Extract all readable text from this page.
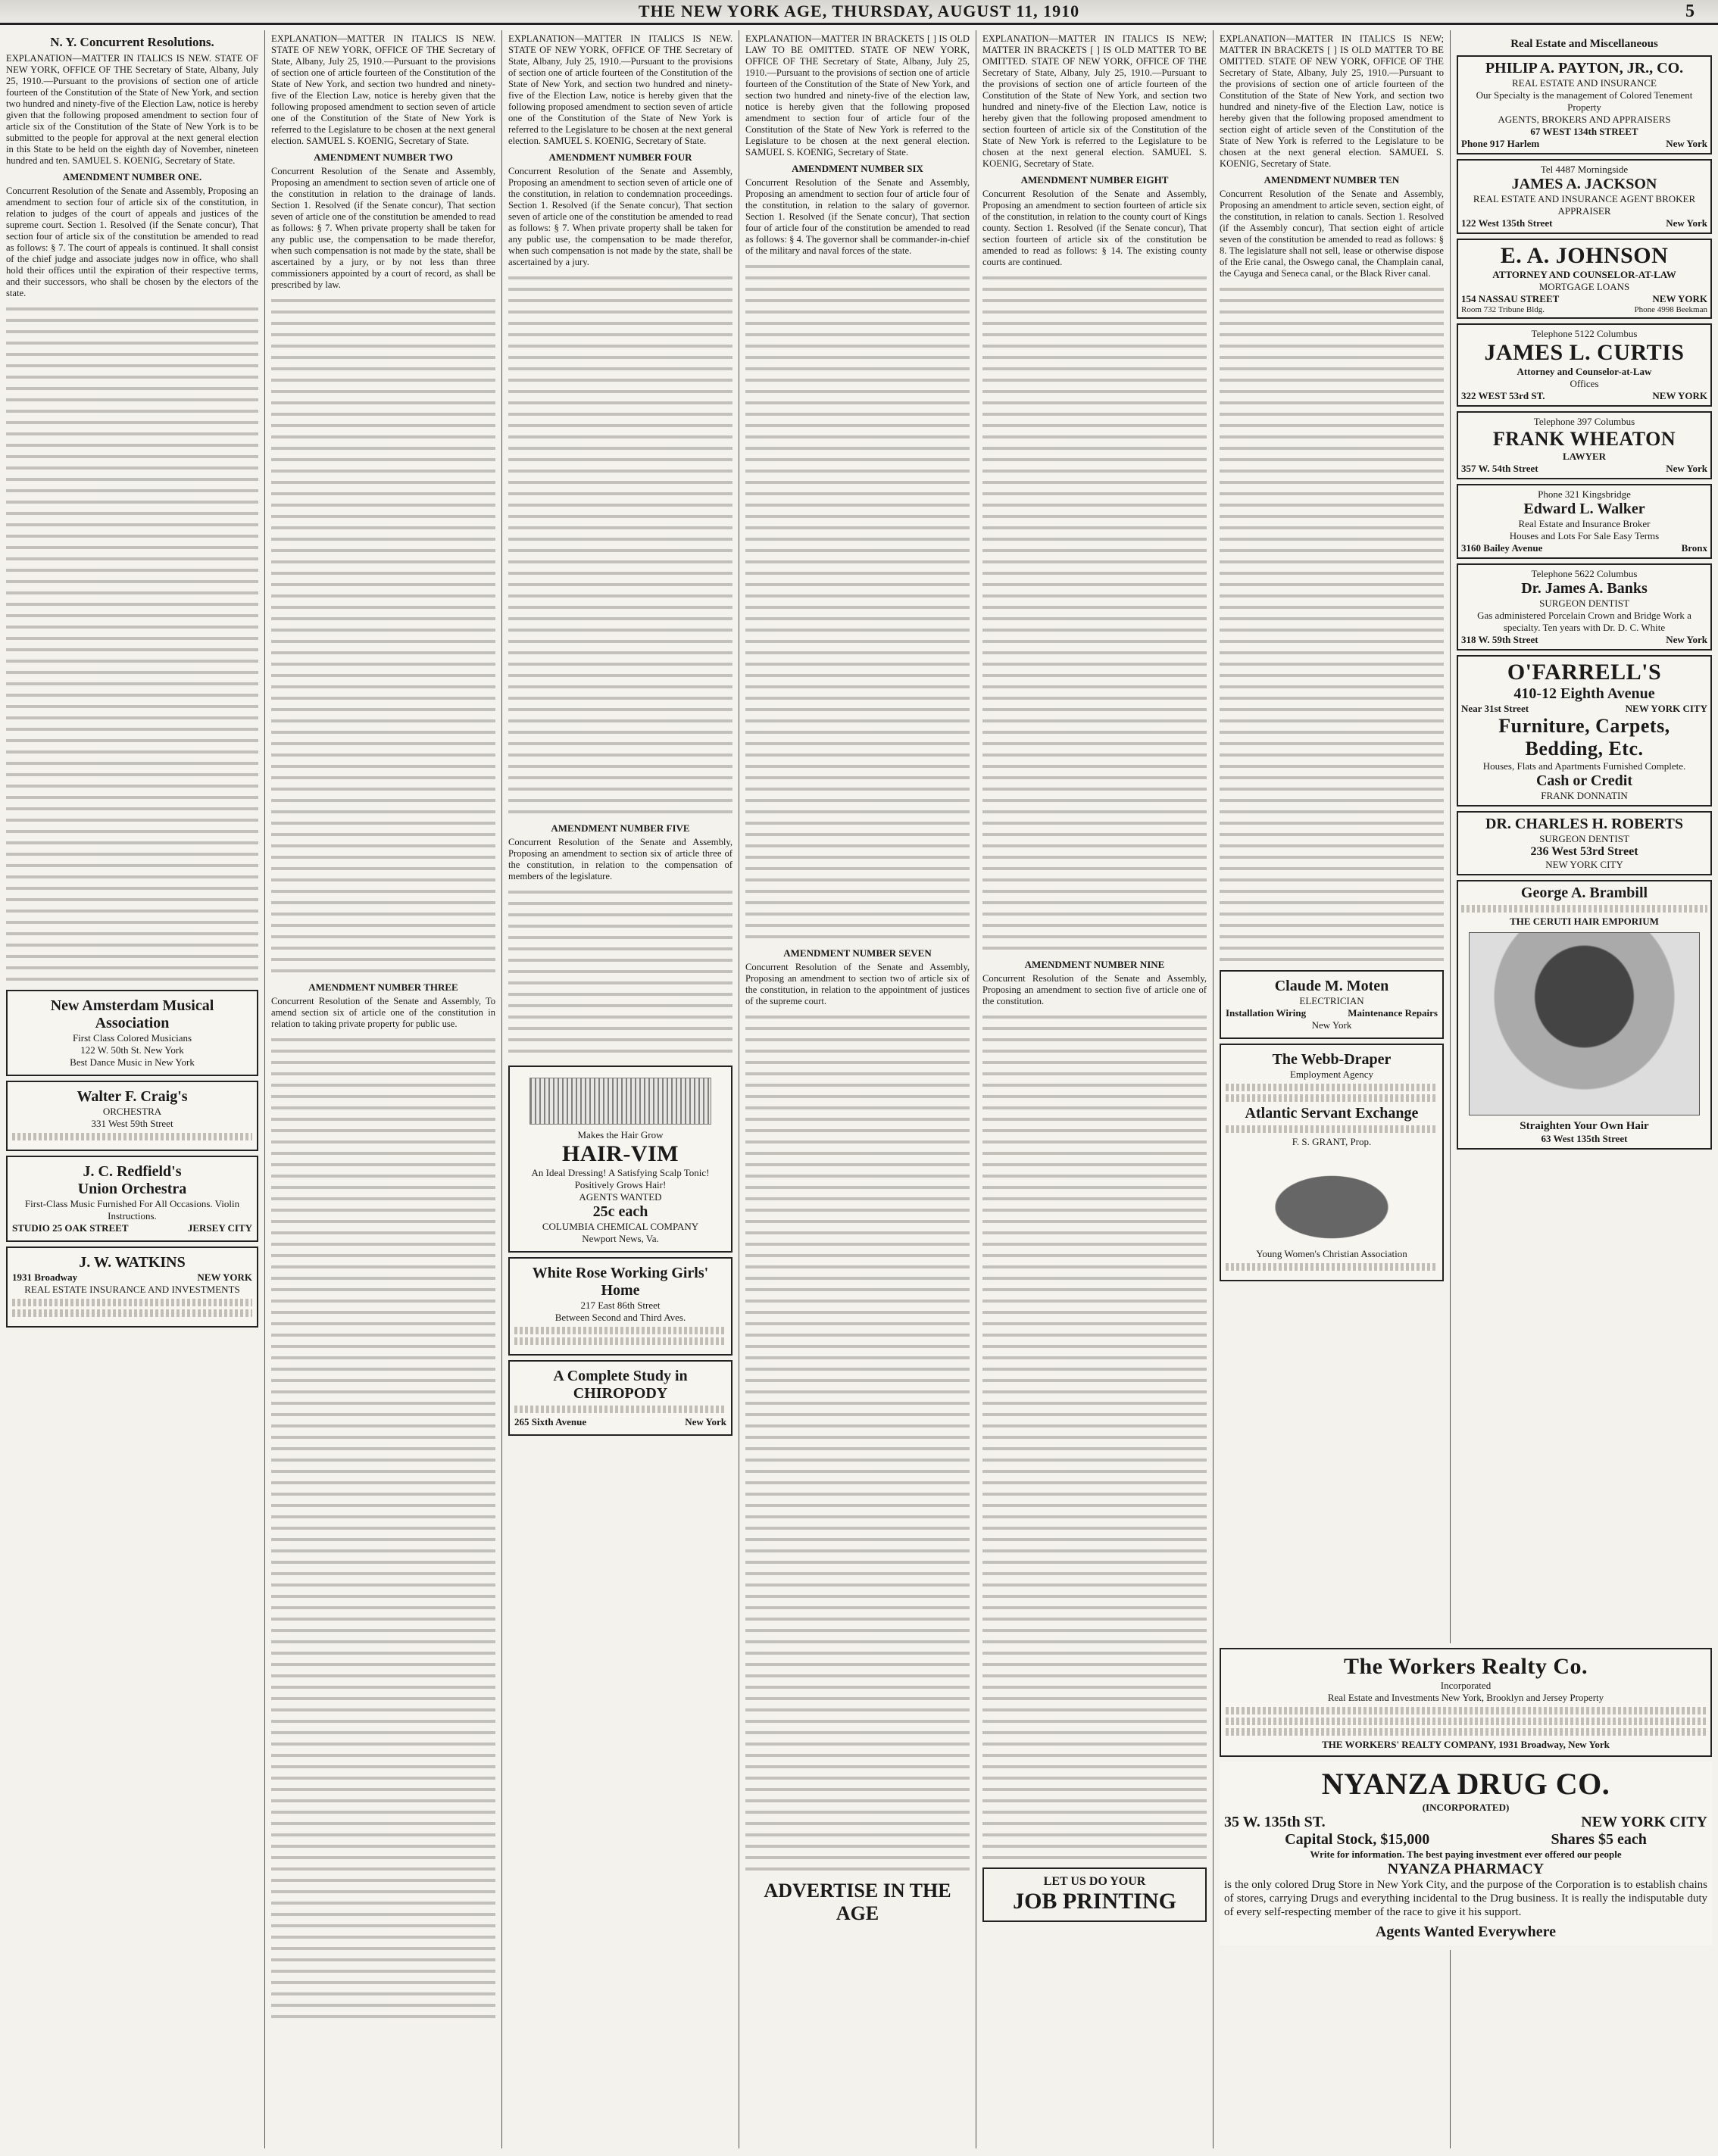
THE NEW YORK AGE, THURSDAY, AUGUST 11, 1910	5
N. Y. Concurrent Resolutions.

EXPLANATION—MATTER IN ITALICS IS NEW. STATE OF NEW YORK, OFFICE OF THE Secretary of State, Albany, July 25, 1910.—Pursuant to the provisions of section one of article fourteen of the Constitution of the State of New York, and section two hundred and ninety-five of the Election Law, notice is hereby given that the following proposed amendment to section four of article six of the Constitution of the State of New York is to be submitted to the people for approval at the next general election in this State to be held on the eighth day of November, nineteen hundred and ten. SAMUEL S. KOENIG, Secretary of State.

AMENDMENT NUMBER ONE.

Concurrent Resolution of the Senate and Assembly, Proposing an amendment to section four of article six of the constitution, in relation to judges of the court of appeals and justices of the supreme court. Section 1. Resolved (if the Senate concur), That section four of article six of the constitution be amended to read as follows: § 7. The court of appeals is continued. It shall consist of the chief judge and associate judges now in office, who shall hold their offices until the expiration of their respective terms, and their successors, who shall be chosen by the electors of the state.

New Amsterdam Musical Association
First Class Colored Musicians
122 W. 50th St. New York
Best Dance Music in New York
Walter F. Craig's
ORCHESTRA
331 West 59th Street
J. C. Redfield's
Union Orchestra
First-Class Music Furnished For All Occasions. Violin Instructions.
STUDIO 25 OAK STREET	JERSEY CITY
J. W. WATKINS
1931 Broadway	NEW YORK
REAL ESTATE INSURANCE AND INVESTMENTS

EXPLANATION—MATTER IN ITALICS IS NEW. STATE OF NEW YORK, OFFICE OF THE Secretary of State, Albany, July 25, 1910.—Pursuant to the provisions of section one of article fourteen of the Constitution of the State of New York, and section two hundred and ninety-five of the Election Law, notice is hereby given that the following proposed amendment to section seven of article one of the Constitution of the State of New York is referred to the Legislature to be chosen at the next general election. SAMUEL S. KOENIG, Secretary of State.

AMENDMENT NUMBER TWO

Concurrent Resolution of the Senate and Assembly, Proposing an amendment to section seven of article one of the constitution in relation to the drainage of lands. Section 1. Resolved (if the Senate concur), That section seven of article one of the constitution be amended to read as follows: § 7. When private property shall be taken for any public use, the compensation to be made therefor, when such compensation is not made by the state, shall be ascertained by a jury, or by not less than three commissioners appointed by a court of record, as shall be prescribed by law.

AMENDMENT NUMBER THREE

Concurrent Resolution of the Senate and Assembly, To amend section six of article one of the constitution in relation to taking private property for public use.

EXPLANATION—MATTER IN ITALICS IS NEW. STATE OF NEW YORK, OFFICE OF THE Secretary of State, Albany, July 25, 1910.—Pursuant to the provisions of section one of article fourteen of the Constitution of the State of New York, and section two hundred and ninety-five of the Election Law, notice is hereby given that the following proposed amendment to section seven of article one of the Constitution of the State of New York is referred to the Legislature to be chosen at the next general election. SAMUEL S. KOENIG, Secretary of State.

AMENDMENT NUMBER FOUR

Concurrent Resolution of the Senate and Assembly, Proposing an amendment to section seven of article one of the constitution, in relation to condemnation proceedings. Section 1. Resolved (if the Senate concur), That section seven of article one of the constitution be amended to read as follows: § 7. When private property shall be taken for any public use, the compensation to be made therefor, when such compensation is not made by the state, shall be ascertained by a jury.

AMENDMENT NUMBER FIVE

Concurrent Resolution of the Senate and Assembly, Proposing an amendment to section six of article three of the constitution, in relation to the compensation of members of the legislature.

Makes the Hair Grow
HAIR-VIM
An Ideal Dressing! A Satisfying Scalp Tonic! Positively Grows Hair!
AGENTS WANTED
25c each
COLUMBIA CHEMICAL COMPANY
Newport News, Va.
White Rose Working Girls' Home
217 East 86th Street
Between Second and Third Aves.
A Complete Study in CHIROPODY
265 Sixth Avenue	New York

EXPLANATION—MATTER IN BRACKETS [ ] IS OLD LAW TO BE OMITTED. STATE OF NEW YORK, OFFICE OF THE Secretary of State, Albany, July 25, 1910.—Pursuant to the provisions of section one of article fourteen of the Constitution of the State of New York, and section two hundred and ninety-five of the election law, notice is hereby given that the following proposed amendment to section four of article four of the Constitution of the State of New York is referred to the Legislature to be chosen at the next general election. SAMUEL S. KOENIG, Secretary of State.

AMENDMENT NUMBER SIX

Concurrent Resolution of the Senate and Assembly, Proposing an amendment to section four of article four of the constitution, in relation to the salary of governor. Section 1. Resolved (if the Senate concur), That section four of article four of the constitution be amended to read as follows: § 4. The governor shall be commander-in-chief of the military and naval forces of the state.

AMENDMENT NUMBER SEVEN

Concurrent Resolution of the Senate and Assembly, Proposing an amendment to section two of article six of the constitution, in relation to the appointment of justices of the supreme court.

ADVERTISE IN THE AGE

EXPLANATION—MATTER IN ITALICS IS NEW; MATTER IN BRACKETS [ ] IS OLD MATTER TO BE OMITTED. STATE OF NEW YORK, OFFICE OF THE Secretary of State, Albany, July 25, 1910.—Pursuant to the provisions of section one of article fourteen of the Constitution of the State of New York, and section two hundred and ninety-five of the Election Law, notice is hereby given that the following proposed amendment to section fourteen of article six of the Constitution of the State of New York is referred to the Legislature to be chosen at the next general election. SAMUEL S. KOENIG, Secretary of State.

AMENDMENT NUMBER EIGHT

Concurrent Resolution of the Senate and Assembly, Proposing an amendment to section fourteen of article six of the constitution, in relation to the county court of Kings county. Section 1. Resolved (if the Senate concur), That section fourteen of article six of the constitution be amended to read as follows: § 14. The existing county courts are continued.

AMENDMENT NUMBER NINE

Concurrent Resolution of the Senate and Assembly, Proposing an amendment to section five of article one of the constitution.

LET US DO YOUR
JOB PRINTING

EXPLANATION—MATTER IN ITALICS IS NEW; MATTER IN BRACKETS [ ] IS OLD MATTER TO BE OMITTED. STATE OF NEW YORK, OFFICE OF THE Secretary of State, Albany, July 25, 1910.—Pursuant to the provisions of section one of article fourteen of the Constitution of the State of New York, and section two hundred and ninety-five of the Election Law, notice is hereby given that the following proposed amendment to section eight of article seven of the Constitution of the State of New York is referred to the Legislature to be chosen at the next general election. SAMUEL S. KOENIG, Secretary of State.

AMENDMENT NUMBER TEN

Concurrent Resolution of the Senate and Assembly, Proposing an amendment to article seven, section eight, of the constitution, in relation to canals. Section 1. Resolved (if the Assembly concur), That section eight of article seven of the constitution be amended to read as follows: § 8. The legislature shall not sell, lease or otherwise dispose of the Erie canal, the Oswego canal, the Champlain canal, the Cayuga and Seneca canal, or the Black River canal.

Claude M. Moten
ELECTRICIAN
Installation Wiring	Maintenance Repairs
New York
The Webb-Draper
Employment Agency
Atlantic Servant Exchange
F. S. GRANT, Prop.
Young Women's Christian Association
Real Estate and Miscellaneous
PHILIP A. PAYTON, JR., CO.
REAL ESTATE AND INSURANCE
Our Specialty is the management of Colored Tenement Property
AGENTS, BROKERS AND APPRAISERS
67 WEST 134th STREET
Phone 917 Harlem	New York
Tel 4487 Morningside
JAMES A. JACKSON
REAL ESTATE AND INSURANCE AGENT BROKER APPRAISER
122 West 135th Street	New York
E. A. JOHNSON
ATTORNEY AND COUNSELOR-AT-LAW
MORTGAGE LOANS
154 NASSAU STREET	NEW YORK
Room 732 Tribune Bldg.	Phone 4998 Beekman
Telephone 5122 Columbus
JAMES L. CURTIS
Attorney and Counselor-at-Law
Offices
322 WEST 53rd ST.	NEW YORK
Telephone 397 Columbus
FRANK WHEATON
LAWYER
357 W. 54th Street	New York
Phone 321 Kingsbridge
Edward L. Walker
Real Estate and Insurance Broker
Houses and Lots For Sale Easy Terms
3160 Bailey Avenue	Bronx
Telephone 5622 Columbus
Dr. James A. Banks
SURGEON DENTIST
Gas administered Porcelain Crown and Bridge Work a specialty. Ten years with Dr. D. C. White
318 W. 59th Street	New York
O'FARRELL'S
410-12 Eighth Avenue
Near 31st Street	NEW YORK CITY
Furniture, Carpets, Bedding, Etc.
Houses, Flats and Apartments Furnished Complete.
Cash or Credit
FRANK DONNATIN
DR. CHARLES H. ROBERTS
SURGEON DENTIST
236 West 53rd Street
NEW YORK CITY
George A. Brambill
THE CERUTI HAIR EMPORIUM
Straighten Your Own Hair
63 West 135th Street
The Workers Realty Co.
Incorporated
Real Estate and Investments New York, Brooklyn and Jersey Property
THE WORKERS' REALTY COMPANY, 1931 Broadway, New York
NYANZA DRUG CO.
(INCORPORATED)
35 W. 135th ST.	NEW YORK CITY
Capital Stock, $15,000	Shares $5 each
Write for information. The best paying investment ever offered our people
NYANZA PHARMACY
is the only colored Drug Store in New York City, and the purpose of the Corporation is to establish chains of stores, carrying Drugs and everything incidental to the Drug business. It is really the indisputable duty of every self-respecting member of the race to give it his support.
Agents Wanted Everywhere
